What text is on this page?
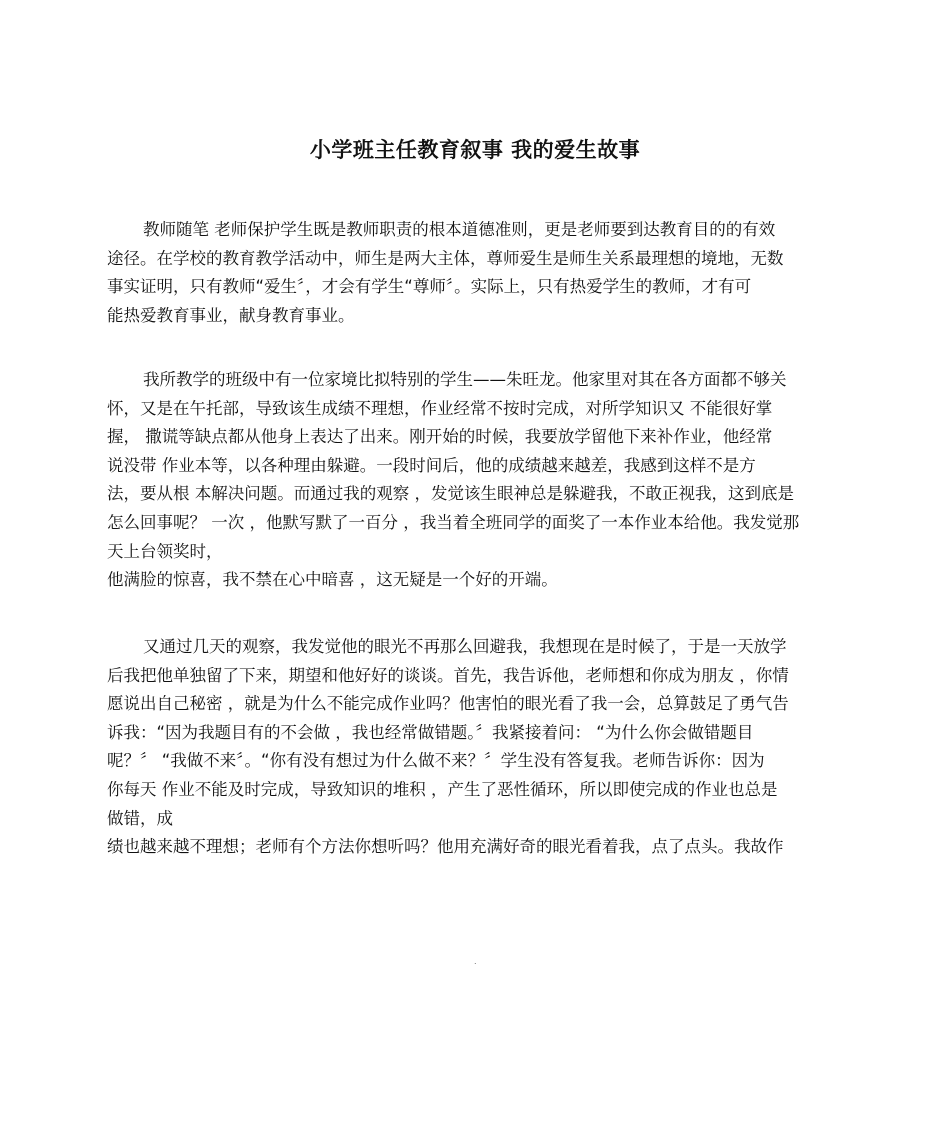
小学班主任教育叙事 我的爱生故事
教师随笔 老师保护学生既是教师职责的根本道德准则，更是老师要到达教育目的的有效
途径。在学校的教育教学活动中，师生是两大主体，尊师爱生是师生关系最理想的境地，无数
事实证明，只有教师“爱生〞，才会有学生“尊师〞。实际上，只有热爱学生的教师，才有可
能热爱教育事业，献身教育事业。
我所教学的班级中有一位家境比拟特别的学生——朱旺龙。他家里对其在各方面都不够关
怀，又是在午托部，导致该生成绩不理想，作业经常不按时完成，对所学知识又 不能很好掌
握， 撒谎等缺点都从他身上表达了出来。刚开始的时候，我要放学留他下来补作业，他经常
说没带 作业本等，以各种理由躲避。一段时间后，他的成绩越来越差，我感到这样不是方
法，要从根 本解决问题。而通过我的观察 ，发觉该生眼神总是躲避我，不敢正视我，这到底是
怎么回事呢？ 一次 ，他默写默了一百分 ，我当着全班同学的面奖了一本作业本给他。我发觉那
天上台领奖时，
他满脸的惊喜，我不禁在心中暗喜 ，这无疑是一个好的开端。
又通过几天的观察，我发觉他的眼光不再那么回避我，我想现在是时候了，于是一天放学
后我把他单独留了下来，期望和他好好的谈谈。首先，我告诉他，老师想和你成为朋友 ，你情
愿说出自己秘密 ，就是为什么不能完成作业吗？他害怕的眼光看了我一会，总算鼓足了勇气告
诉我：“因为我题目有的不会做 ，我也经常做错题。〞我紧接着问： “为什么你会做错题目
呢？〞 “我做不来〞。“你有没有想过为什么做不来？〞学生没有答复我。老师告诉你：因为
你每天 作业不能及时完成，导致知识的堆积 ，产生了恶性循环，所以即使完成的作业也总是
做错，成
绩也越来越不理想；老师有个方法你想听吗？他用充满好奇的眼光看着我，点了点头。我故作
.
